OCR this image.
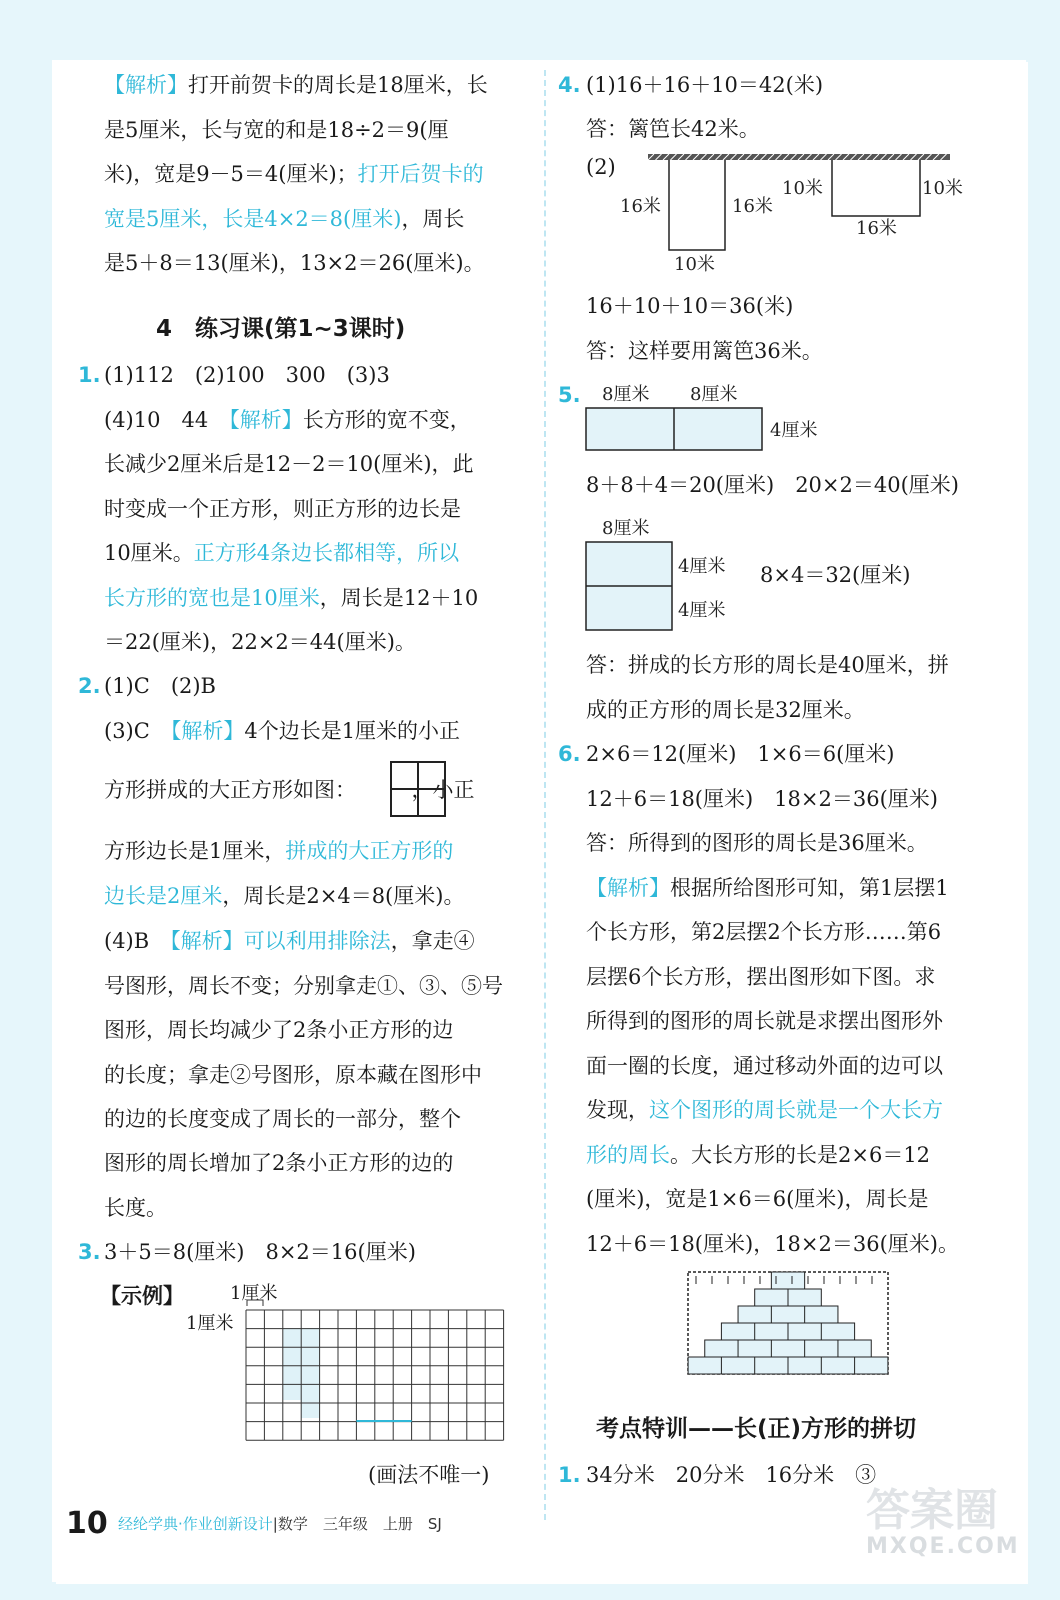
【解析】打开前贺卡的周长是18厘米，长
是5厘米，长与宽的和是18÷2＝9(厘
米)，宽是9－5＝4(厘米)；打开后贺卡的
宽是5厘米，长是4×2＝8(厘米)，周长
是5＋8＝13(厘米)，13×2＝26(厘米)。
4　练习课(第1~3课时)
1. (1)112　(2)100　300　(3)3
(4)10　44　【解析】长方形的宽不变，
长减少2厘米后是12－2＝10(厘米)，此
时变成一个正方形，则正方形的边长是
10厘米。正方形4条边长都相等，所以
长方形的宽也是10厘米，周长是12＋10
＝22(厘米)，22×2＝44(厘米)。
2. (1)C　(2)B
(3)C　【解析】4个边长是1厘米的小正
方形拼成的大正方形如图：	，小正
方形边长是1厘米，拼成的大正方形的
边长是2厘米，周长是2×4＝8(厘米)。
(4)B　【解析】可以利用排除法，拿走④
号图形，周长不变；分别拿走①、③、⑤号
图形，周长均减少了2条小正方形的边
的长度；拿走②号图形，原本藏在图形中
的边的长度变成了周长的一部分，整个
图形的周长增加了2条小正方形的边的
长度。
3. 3＋5＝8(厘米)　8×2＝16(厘米)
【示例】	1厘米
1厘米
(画法不唯一)
4. (1)16＋16＋10＝42(米)
答：篱笆长42米。
(2)
16＋10＋10＝36(米)
答：这样要用篱笆36米。
5.
8＋8＋4＝20(厘米)　20×2＝40(厘米)
8×4＝32(厘米)
答：拼成的长方形的周长是40厘米，拼
成的正方形的周长是32厘米。
6. 2×6＝12(厘米)　1×6＝6(厘米)
12＋6＝18(厘米)　18×2＝36(厘米)
答：所得到的图形的周长是36厘米。
【解析】根据所给图形可知，第1层摆1
个长方形，第2层摆2个长方形……第6
层摆6个长方形，摆出图形如下图。求
所得到的图形的周长就是求摆出图形外
面一圈的长度，通过移动外面的边可以
发现，这个图形的周长就是一个大长方
形的周长。大长方形的长是2×6＝12
(厘米)，宽是1×6＝6(厘米)，周长是
12＋6＝18(厘米)，18×2＝36(厘米)。
考点特训——长(正)方形的拼切
1. 34分米　20分米　16分米　③
16米	16米
10米	10米
10米
16米
8厘米 8厘米
4厘米
8厘米
4厘米
4厘米
10 经纶学典·作业创新设计|数学　三年级　上册　SJ	答案圈
MXQE.COM
